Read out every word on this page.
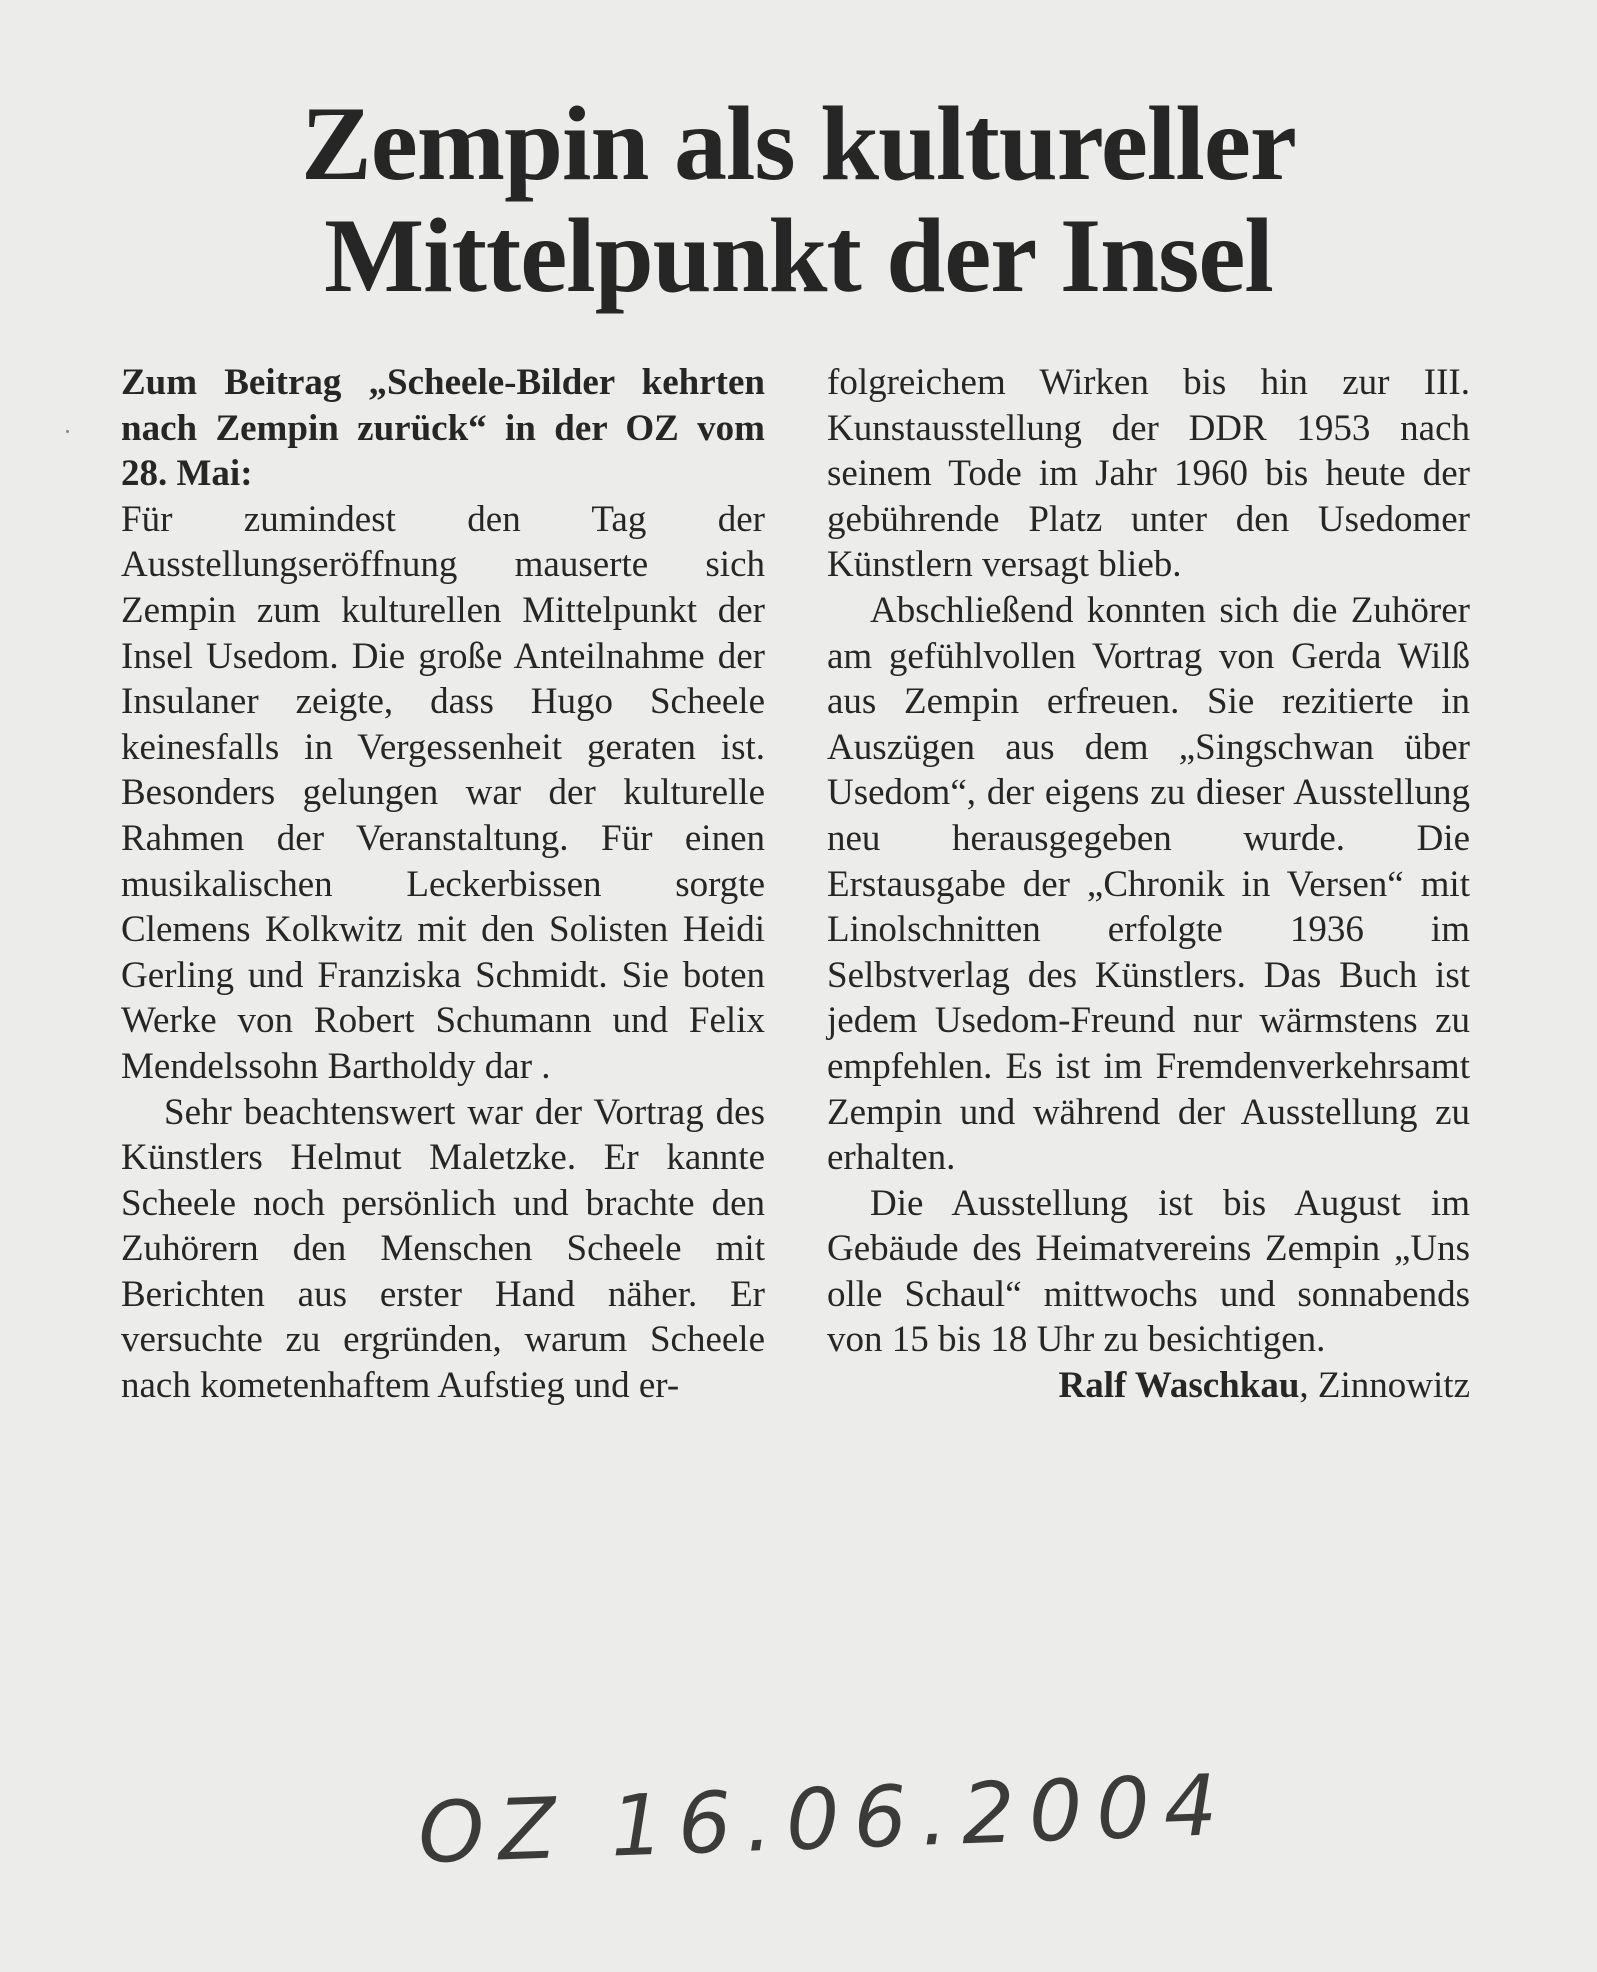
Zempin als kultureller
Mittelpunkt der Insel

Zum Beitrag „Scheele-Bilder kehrten nach Zempin zurück“ in der OZ vom 28. Mai:

Für zumindest den Tag der Ausstellungseröffnung mauserte sich Zempin zum kulturellen Mittelpunkt der Insel Usedom. Die große Anteilnahme der Insulaner zeigte, dass Hugo Scheele keinesfalls in Vergessenheit geraten ist. Besonders gelungen war der kulturelle Rahmen der Veranstaltung. Für einen musikalischen Leckerbissen sorgte Clemens Kolkwitz mit den Solisten Heidi Gerling und Franziska Schmidt. Sie boten Werke von Robert Schumann und Felix Mendelssohn Bartholdy dar .

Sehr beachtenswert war der Vortrag des Künstlers Helmut Maletzke. Er kannte Scheele noch persönlich und brachte den Zuhörern den Menschen Scheele mit Berichten aus erster Hand näher. Er versuchte zu ergründen, warum Scheele nach kometenhaftem Aufstieg und er-

folgreichem Wirken bis hin zur III. Kunstausstellung der DDR 1953 nach seinem Tode im Jahr 1960 bis heute der gebührende Platz unter den Usedomer Künstlern versagt blieb.

Abschließend konnten sich die Zuhörer am gefühlvollen Vortrag von Gerda Wilß aus Zempin erfreuen. Sie rezitierte in Auszügen aus dem „Singschwan über Usedom“, der eigens zu dieser Ausstellung neu herausgegeben wurde. Die Erstausgabe der „Chronik in Versen“ mit Linolschnitten erfolgte 1936 im Selbstverlag des Künstlers. Das Buch ist jedem Usedom-Freund nur wärmstens zu empfehlen. Es ist im Fremdenverkehrsamt Zempin und während der Ausstellung zu erhalten.

Die Ausstellung ist bis August im Gebäude des Heimatvereins Zempin „Uns olle Schaul“ mittwochs und sonnabends von 15 bis 18 Uhr zu besichtigen.

Ralf Waschkau, Zinnowitz

OZ 16.06.2004
